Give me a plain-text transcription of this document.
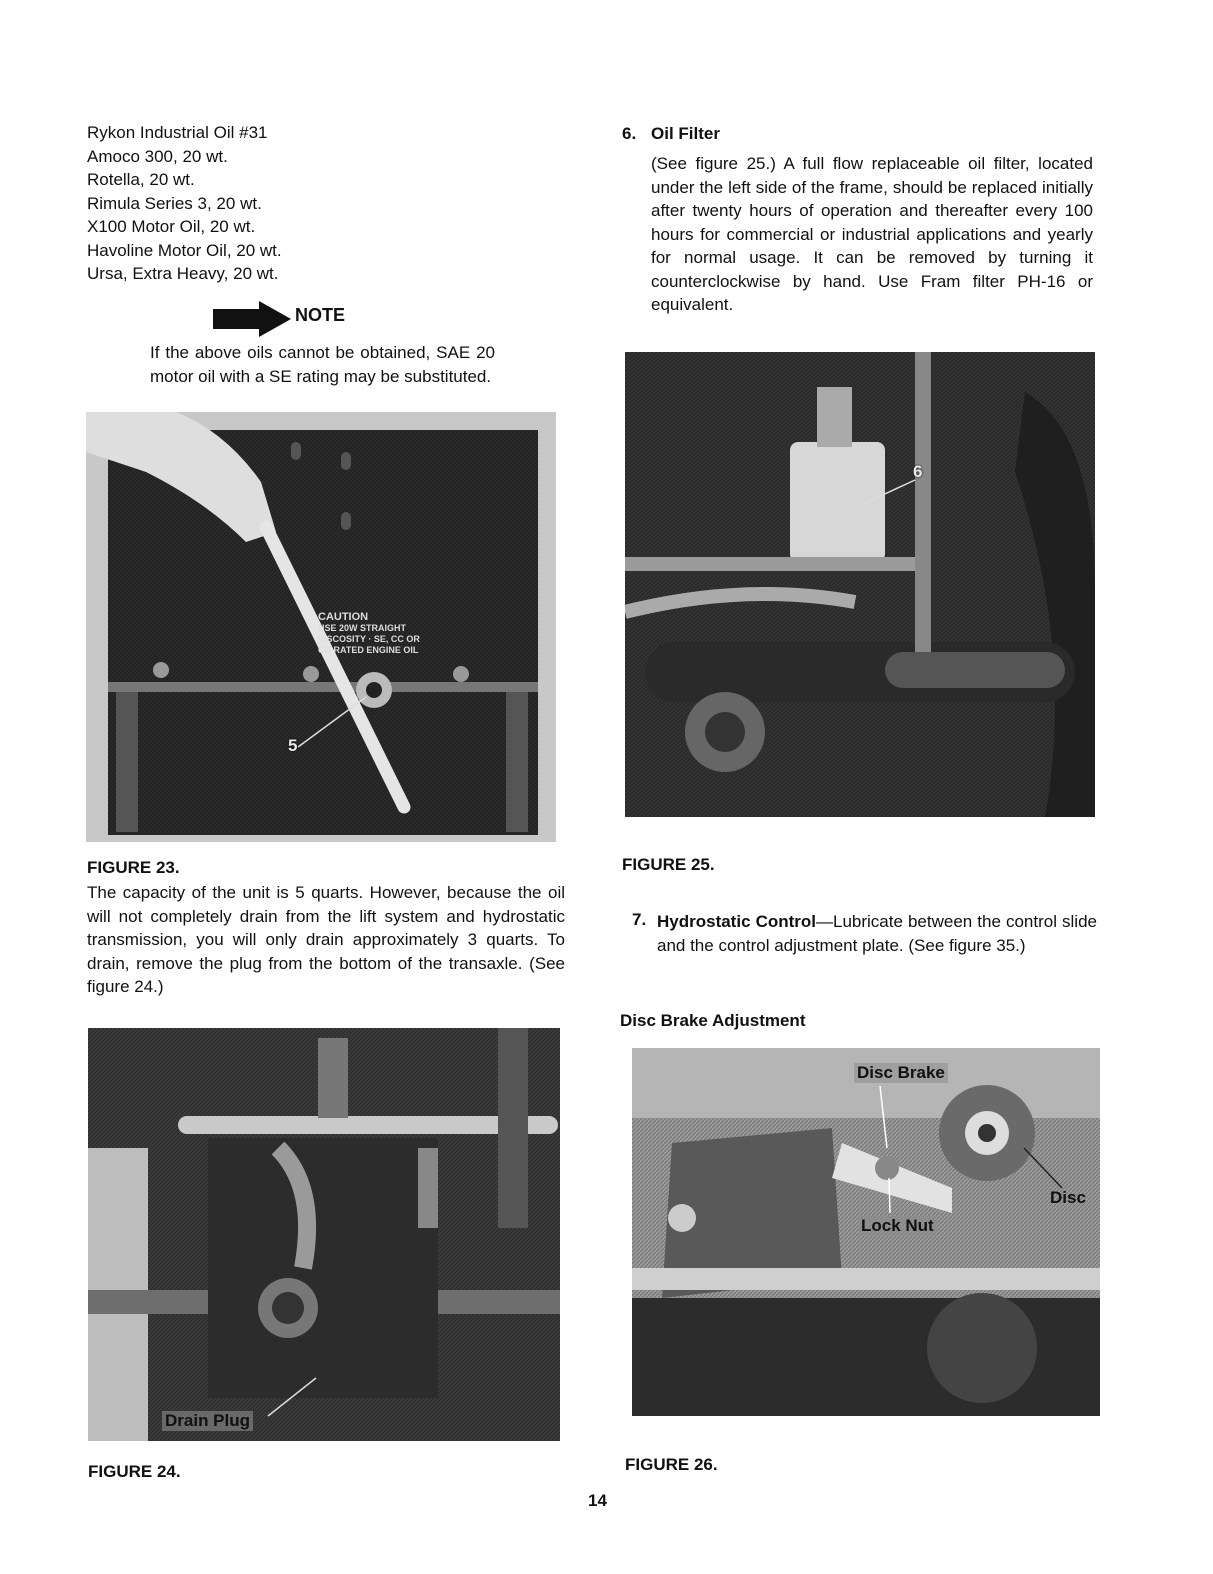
Rykon Industrial Oil #31
Amoco 300, 20 wt.
Rotella, 20 wt.
Rimula Series 3, 20 wt.
X100 Motor Oil, 20 wt.
Havoline Motor Oil, 20 wt.
Ursa, Extra Heavy, 20 wt.
NOTE
If the above oils cannot be obtained, SAE 20 motor oil with a SE rating may be substituted.
CAUTION
USE 20W STRAIGHT
VISCOSITY · SE, CC OR
CD RATED ENGINE OIL
5
FIGURE 23.
The capacity of the unit is 5 quarts. However, because the oil will not completely drain from the lift system and hydrostatic transmission, you will only drain approximately 3 quarts. To drain, remove the plug from the bottom of the transaxle. (See figure 24.)
Drain Plug
FIGURE 24.
6. Oil Filter
(See figure 25.) A full flow replaceable oil filter, located under the left side of the frame, should be replaced initially after twenty hours of operation and thereafter every 100 hours for commercial or industrial applications and yearly for normal usage. It can be removed by turning it counterclockwise by hand. Use Fram filter PH-16 or equivalent.
6
FIGURE 25.
7. Hydrostatic Control—Lubricate between the control slide and the control adjustment plate. (See figure 35.)
Disc Brake Adjustment
Disc Brake
Disc
Lock Nut
FIGURE 26.
14
